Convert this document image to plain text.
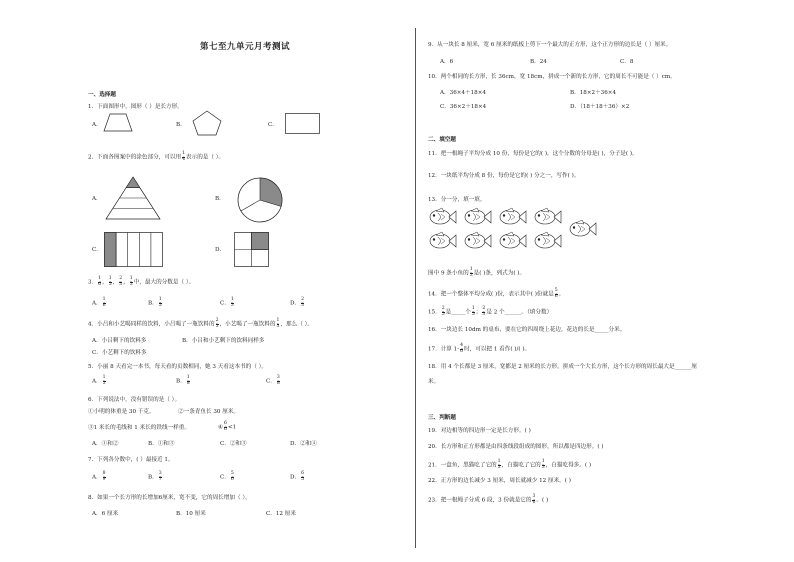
第七至九单元月考测试
一、选择题
1．下面图形中，图形（ ）是长方形。
A．	B．	C．
2．下面各图案中的涂色部分，可以用 $\frac{1}{4}$ 表示的是（ ）。
A．	B．
C．	D．
3． $\frac{1}{6}$ ， $\frac{1}{5}$ ， $\frac{2}{3}$ ， $\frac{1}{3}$ 中，最大的分数是（ ）。
A． $\frac{1}{6}$	B． $\frac{1}{5}$	C． $\frac{1}{3}$	D． $\frac{2}{3}$
4．小吕和小艺喝同样的饮料，小吕喝了一瓶饮料的 $\frac{2}{3}$ ，小艺喝了一瓶饮料的 $\frac{1}{3}$ ，那么（ ）。
A．小吕剩下的饮料多	B．小吕和小艺剩下的饮料同样多
C．小艺剩下的饮料多
5．小丽 8 天看完一本书，每天看的页数相同，她 3 天看这本书的（ ）。
A． $\frac{1}{3}$	B． $\frac{1}{8}$	C． $\frac{3}{8}$
6．下列说法中，没有错误的是（ ）。
①小明的体重是 30 千克。	②一条青鱼长 30 厘米。
③1 米长的毛线和 1 米长的铁线一样重。	④ $\frac{6}{6} <1$
A．①和②	B．①和③	C．②和③	D．②和④
7．下列各分数中，( ）最接近 1。
A． $\frac{8}{9}$	B． $\frac{3}{7}$	C． $\frac{5}{6}$	D． $\frac{6}{5}$
8．如果一个长方形的长增加6厘米，宽不变，它的周长增加（ ）。
A．6 厘米	B．10 厘米	C．12 厘米
9．从一块长 8 厘米，宽 6 厘米的纸板上剪下一个最大的正方形，这个正方形的边长是（ ）厘米。
A．6	B．24	C．8
10．两个相同的长方形，长 36cm，宽 18cm，拼成一个新的长方形，它的周长不可能是（ ）cm。
A．36×4＋18×4	B．18×2＋36×4
C．36×2＋18×4	D．（18＋18＋36）×2
二、填空题
11．把一根绳子平均分成 10 份，每份是它的( )，这个分数的分母是( )，分子是( )。
12．一块纸平均分成 8 份，每份是它的( ) 分之一，写作( )。
13．分一分，填一填。
图中 9 条小鱼的 $\frac{1}{3}$ 是( )条，列式为( )。
14．把一个整体平均分成( )份，表示其中( )份就是 $\frac{5}{6}$ 。
15． $\frac{2}{5}$ 是_____个 $\frac{1}{5}$ ； $\frac{2}{3}$ 是 2 个______。（填分数）
16．一块边长 10dm 的桌布，要在它的四周绕上花边，花边的长是_____分米。
17．计算 $1- \frac{4}{6}$ 时，可以把 1 看作( )/( )。
18．用 4 个长都是 3 厘米，宽都是 2 厘米的长方形，拼成一个大长方形，这个长方形的周长最大是______厘
米。
三、判断题
19．对边相等的四边形一定是长方形。( )
20．长方形和正方形都是由四条线段组成的图形，所以都是四边形。( )
21．一盒鱼，黑猫吃了它的 $\frac{1}{3}$ ，白猫吃了它的 $\frac{1}{3}$ ，白猫吃得多。( )
22．正方形的边长减少 3 厘米，周长就减少 12 厘米。( )
23．把一根绳子分成 6 段，3 份就是它的 $\frac{3}{6}$ 。( )
